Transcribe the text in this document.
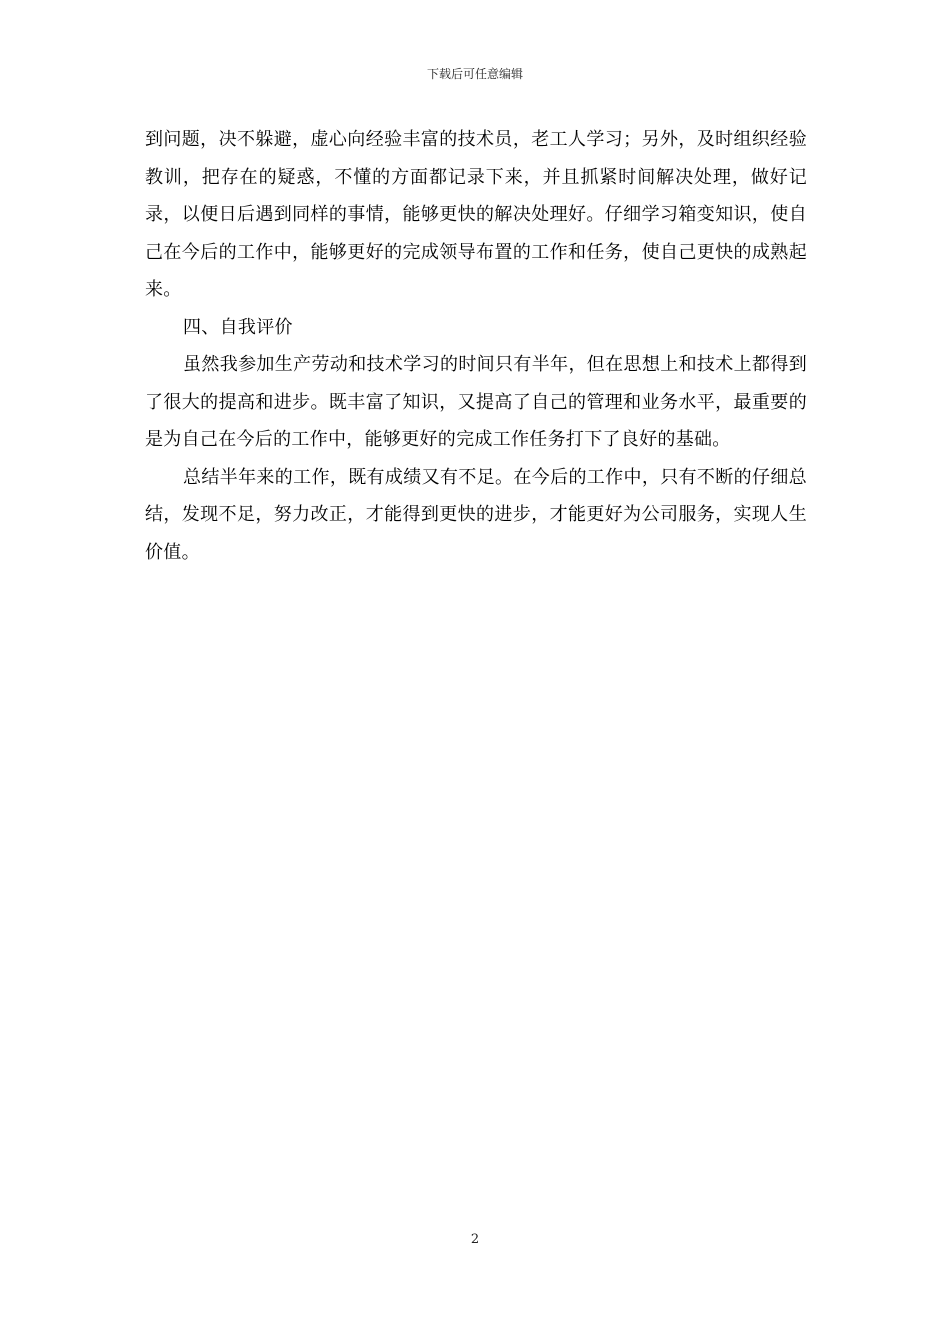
下载后可任意编辑

到问题，决不躲避，虚心向经验丰富的技术员，老工人学习；另外，及时组织经验教训，把存在的疑惑，不懂的方面都记录下来，并且抓紧时间解决处理，做好记录，以便日后遇到同样的事情，能够更快的解决处理好。仔细学习箱变知识，使自己在今后的工作中，能够更好的完成领导布置的工作和任务，使自己更快的成熟起来。

四、自我评价

虽然我参加生产劳动和技术学习的时间只有半年，但在思想上和技术上都得到了很大的提高和进步。既丰富了知识，又提高了自己的管理和业务水平，最重要的是为自己在今后的工作中，能够更好的完成工作任务打下了良好的基础。

总结半年来的工作，既有成绩又有不足。在今后的工作中，只有不断的仔细总结，发现不足，努力改正，才能得到更快的进步，才能更好为公司服务，实现人生价值。

2
